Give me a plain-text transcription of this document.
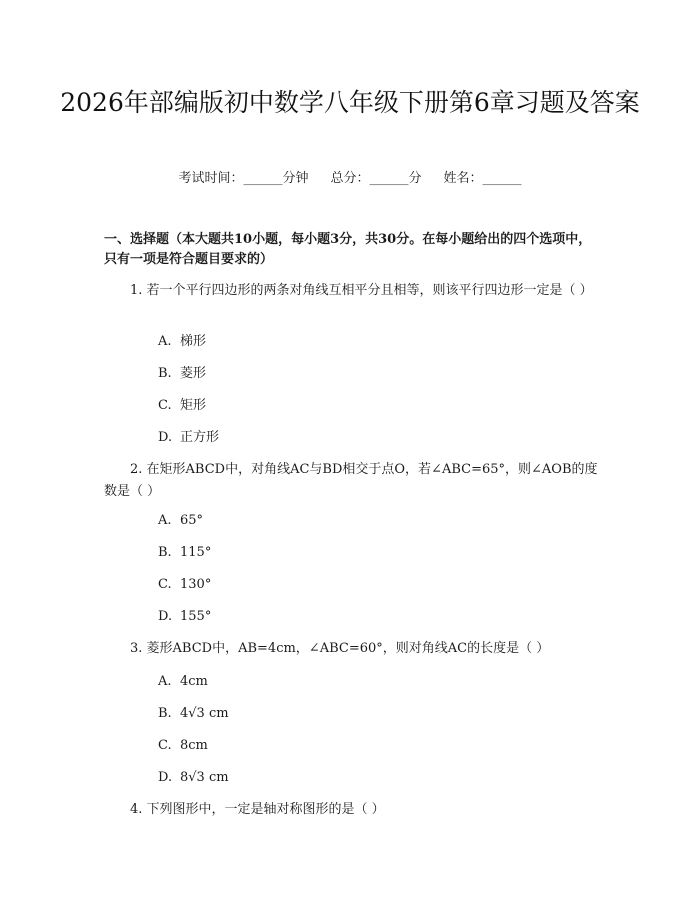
2026年部编版初中数学八年级下册第6章习题及答案
考试时间：______分钟 总分：______分 姓名：______
一、选择题（本大题共10小题，每小题3分，共30分。在每小题给出的四个选项中，只有一项是符合题目要求的）
1. 若一个平行四边形的两条对角线互相平分且相等，则该平行四边形一定是（ ）
A. 梯形
B. 菱形
C. 矩形
D. 正方形
2. 在矩形ABCD中，对角线AC与BD相交于点O，若∠ABC=65°，则∠AOB的度数是（ ）
A. 65°
B. 115°
C. 130°
D. 155°
3. 菱形ABCD中，AB=4cm，∠ABC=60°，则对角线AC的长度是（ ）
A. 4cm
B. 4√3 cm
C. 8cm
D. 8√3 cm
4. 下列图形中，一定是轴对称图形的是（ ）
